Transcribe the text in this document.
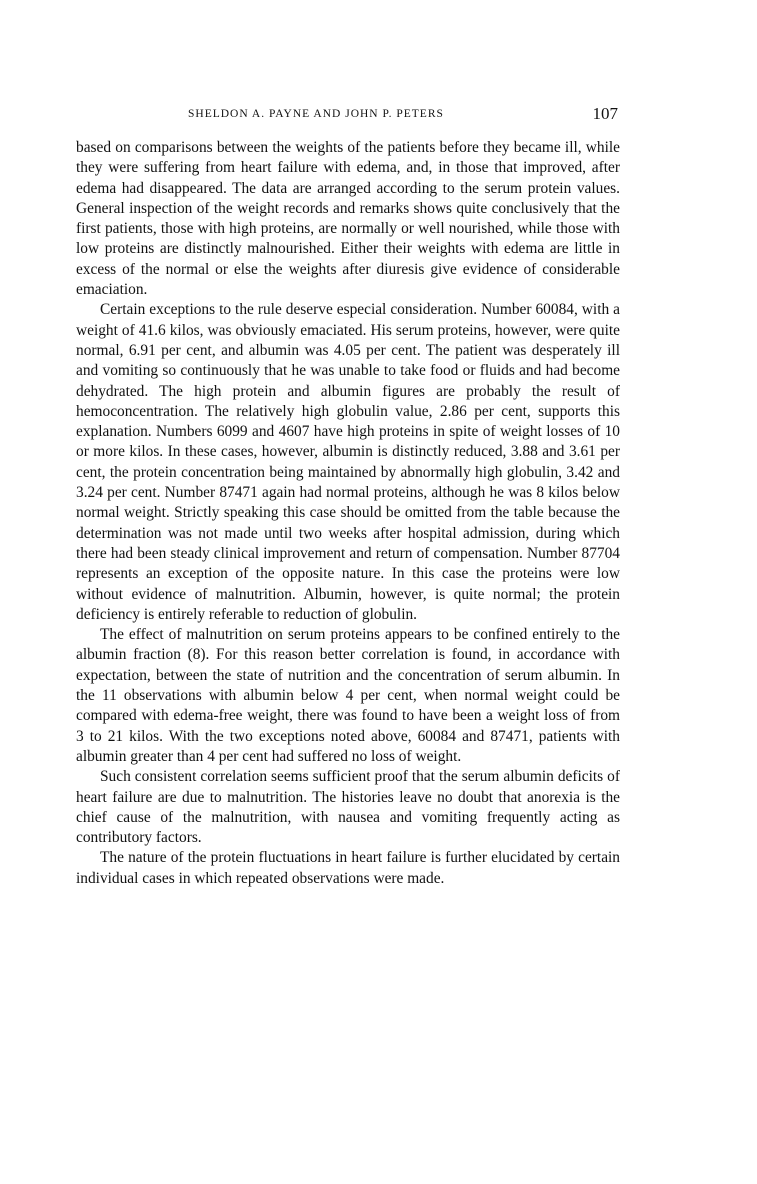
SHELDON A. PAYNE AND JOHN P. PETERS	107

based on comparisons between the weights of the patients before they became ill, while they were suffering from heart failure with edema, and, in those that improved, after edema had disappeared. The data are arranged according to the serum protein values. General inspection of the weight records and remarks shows quite conclusively that the first patients, those with high proteins, are normally or well nourished, while those with low proteins are distinctly malnourished. Either their weights with edema are little in excess of the normal or else the weights after diuresis give evidence of considerable emaciation.

Certain exceptions to the rule deserve especial consideration. Number 60084, with a weight of 41.6 kilos, was obviously emaciated. His serum proteins, however, were quite normal, 6.91 per cent, and albumin was 4.05 per cent. The patient was desperately ill and vomiting so continuously that he was unable to take food or fluids and had become dehydrated. The high protein and albumin figures are probably the result of hemoconcentration. The relatively high globulin value, 2.86 per cent, supports this explanation. Numbers 6099 and 4607 have high proteins in spite of weight losses of 10 or more kilos. In these cases, however, albumin is distinctly reduced, 3.88 and 3.61 per cent, the protein concentration being maintained by abnormally high globulin, 3.42 and 3.24 per cent. Number 87471 again had normal proteins, although he was 8 kilos below normal weight. Strictly speaking this case should be omitted from the table because the determination was not made until two weeks after hospital admission, during which there had been steady clinical improvement and return of compensation. Number 87704 represents an exception of the opposite nature. In this case the proteins were low without evidence of malnutrition. Albumin, however, is quite normal; the protein deficiency is entirely referable to reduction of globulin.

The effect of malnutrition on serum proteins appears to be confined entirely to the albumin fraction (8). For this reason better correlation is found, in accordance with expectation, between the state of nutrition and the concentration of serum albumin. In the 11 observations with albumin below 4 per cent, when normal weight could be compared with edema-free weight, there was found to have been a weight loss of from 3 to 21 kilos. With the two exceptions noted above, 60084 and 87471, patients with albumin greater than 4 per cent had suffered no loss of weight.

Such consistent correlation seems sufficient proof that the serum albumin deficits of heart failure are due to malnutrition. The histories leave no doubt that anorexia is the chief cause of the malnutrition, with nausea and vomiting frequently acting as contributory factors.

The nature of the protein fluctuations in heart failure is further elucidated by certain individual cases in which repeated observations were made.
